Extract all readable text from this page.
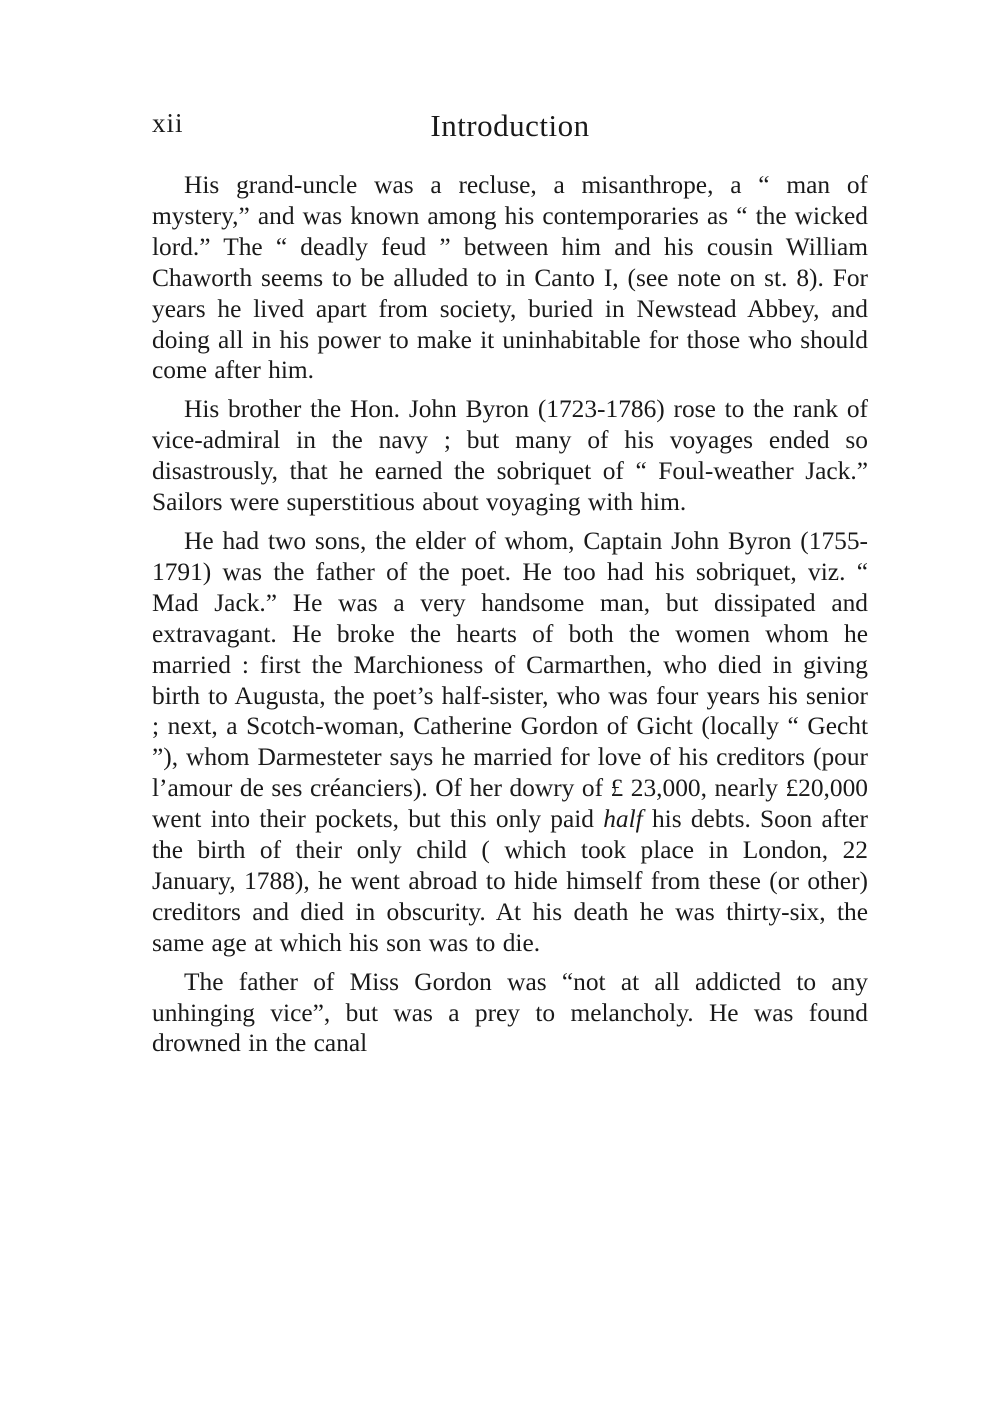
xii	Introduction

His grand-uncle was a recluse, a misanthrope, a “ man of mystery,” and was known among his contemporaries as “ the wicked lord.” The “ deadly feud ” between him and his cousin William Chaworth seems to be alluded to in Canto I, (see note on st. 8). For years he lived apart from society, buried in Newstead Abbey, and doing all in his power to make it uninhabitable for those who should come after him.

His brother the Hon. John Byron (1723-1786) rose to the rank of vice-admiral in the navy ; but many of his voyages ended so disastrously, that he earned the sobriquet of “ Foul-weather Jack.” Sailors were superstitious about voyaging with him.

He had two sons, the elder of whom, Captain John Byron (1755-1791) was the father of the poet. He too had his sobriquet, viz. “ Mad Jack.” He was a very handsome man, but dissipated and extravagant. He broke the hearts of both the women whom he married : first the Marchioness of Carmarthen, who died in giving birth to Augusta, the poet’s half-sister, who was four years his senior ; next, a Scotch-woman, Catherine Gordon of Gicht (locally “ Gecht ”), whom Darmesteter says he married for love of his creditors (pour l’amour de ses créanciers). Of her dowry of £ 23,000, nearly £20,000 went into their pockets, but this only paid half his debts. Soon after the birth of their only child ( which took place in London, 22 January, 1788), he went abroad to hide himself from these (or other) creditors and died in obscurity. At his death he was thirty-six, the same age at which his son was to die.

The father of Miss Gordon was “not at all addicted to any unhinging vice”, but was a prey to melancholy. He was found drowned in the canal
